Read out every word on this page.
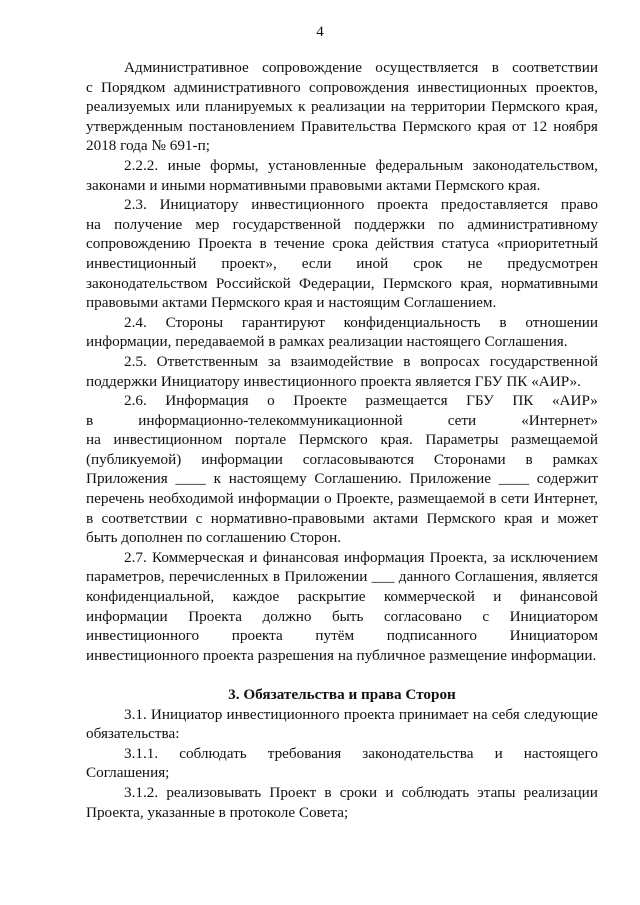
4
Административное сопровождение осуществляется в соответствии
с Порядком административного сопровождения инвестиционных проектов,
реализуемых или планируемых к реализации на территории Пермского края,
утвержденным постановлением Правительства Пермского края от 12 ноября
2018 года № 691-п;
2.2.2. иные формы, установленные федеральным законодательством,
законами и иными нормативными правовыми актами Пермского края.
2.3. Инициатору инвестиционного проекта предоставляется право
на получение мер государственной поддержки по административному
сопровождению Проекта в течение срока действия статуса «приоритетный
инвестиционный проект», если иной срок не предусмотрен
законодательством Российской Федерации, Пермского края, нормативными
правовыми актами Пермского края и настоящим Соглашением.
2.4. Стороны гарантируют конфиденциальность в отношении
информации, передаваемой в рамках реализации настоящего Соглашения.
2.5. Ответственным за взаимодействие в вопросах государственной
поддержки Инициатору инвестиционного проекта является ГБУ ПК «АИР».
2.6. Информация о Проекте размещается ГБУ ПК «АИР»
в	информационно-телекоммуникационной	сети	«Интернет»
на инвестиционном портале Пермского края. Параметры размещаемой
(публикуемой) информации согласовываются Сторонами в рамках
Приложения ____ к настоящему Соглашению. Приложение ____ содержит
перечень необходимой информации о Проекте, размещаемой в сети Интернет,
в соответствии с нормативно-правовыми актами Пермского края и может
быть дополнен по соглашению Сторон.
2.7. Коммерческая и финансовая информация Проекта, за исключением
параметров, перечисленных в Приложении ___ данного Соглашения, является
конфиденциальной, каждое раскрытие коммерческой и финансовой
информации Проекта должно быть согласовано с Инициатором
инвестиционного проекта путём подписанного Инициатором
инвестиционного проекта разрешения на публичное размещение информации.
3. Обязательства и права Сторон
3.1. Инициатор инвестиционного проекта принимает на себя следующие
обязательства:
3.1.1. соблюдать требования законодательства и настоящего
Соглашения;
3.1.2. реализовывать Проект в сроки и соблюдать этапы реализации
Проекта, указанные в протоколе Совета;
